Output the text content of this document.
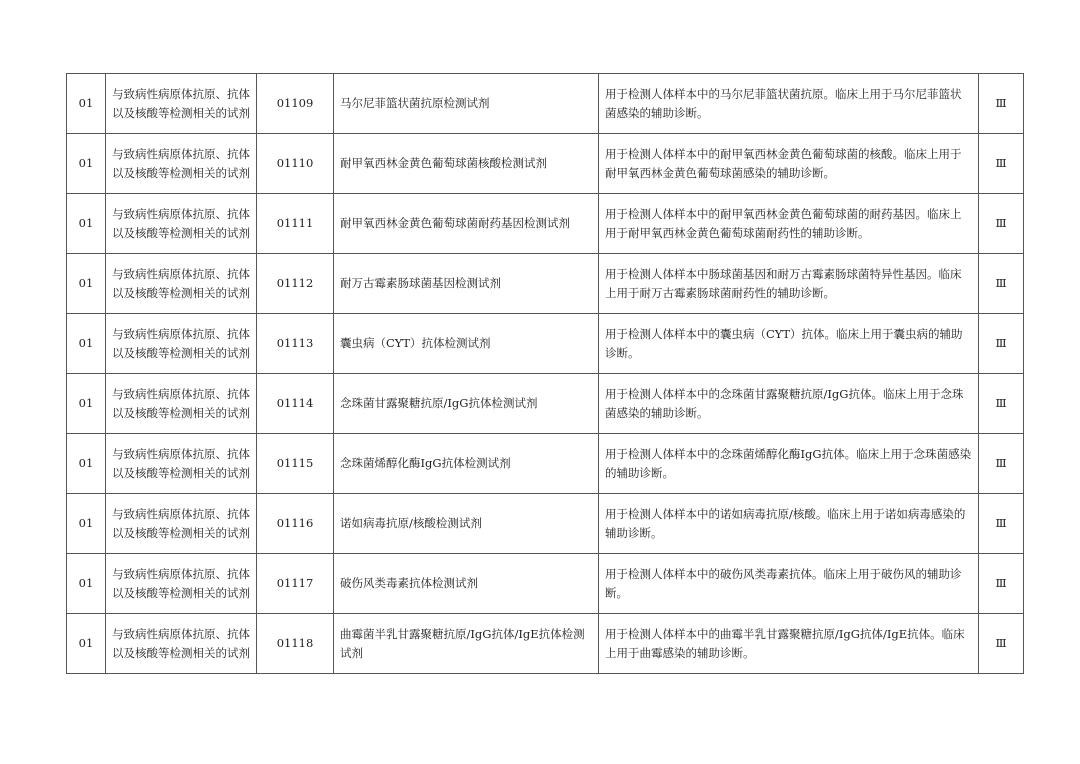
01	与致病性病原体抗原、抗体以及核酸等检测相关的试剂	01109	马尔尼菲篮状菌抗原检测试剂	用于检测人体样本中的马尔尼菲篮状菌抗原。临床上用于马尔尼菲篮状菌感染的辅助诊断。	Ⅲ
01	与致病性病原体抗原、抗体以及核酸等检测相关的试剂	01110	耐甲氧西林金黄色葡萄球菌核酸检测试剂	用于检测人体样本中的耐甲氧西林金黄色葡萄球菌的核酸。临床上用于耐甲氧西林金黄色葡萄球菌感染的辅助诊断。	Ⅲ
01	与致病性病原体抗原、抗体以及核酸等检测相关的试剂	01111	耐甲氧西林金黄色葡萄球菌耐药基因检测试剂	用于检测人体样本中的耐甲氧西林金黄色葡萄球菌的耐药基因。临床上用于耐甲氧西林金黄色葡萄球菌耐药性的辅助诊断。	Ⅲ
01	与致病性病原体抗原、抗体以及核酸等检测相关的试剂	01112	耐万古霉素肠球菌基因检测试剂	用于检测人体样本中肠球菌基因和耐万古霉素肠球菌特异性基因。临床上用于耐万古霉素肠球菌耐药性的辅助诊断。	Ⅲ
01	与致病性病原体抗原、抗体以及核酸等检测相关的试剂	01113	囊虫病（CYT）抗体检测试剂	用于检测人体样本中的囊虫病（CYT）抗体。临床上用于囊虫病的辅助诊断。	Ⅲ
01	与致病性病原体抗原、抗体以及核酸等检测相关的试剂	01114	念珠菌甘露聚糖抗原/IgG抗体检测试剂	用于检测人体样本中的念珠菌甘露聚糖抗原/IgG抗体。临床上用于念珠菌感染的辅助诊断。	Ⅲ
01	与致病性病原体抗原、抗体以及核酸等检测相关的试剂	01115	念珠菌烯醇化酶IgG抗体检测试剂	用于检测人体样本中的念珠菌烯醇化酶IgG抗体。临床上用于念珠菌感染的辅助诊断。	Ⅲ
01	与致病性病原体抗原、抗体以及核酸等检测相关的试剂	01116	诺如病毒抗原/核酸检测试剂	用于检测人体样本中的诺如病毒抗原/核酸。临床上用于诺如病毒感染的辅助诊断。	Ⅲ
01	与致病性病原体抗原、抗体以及核酸等检测相关的试剂	01117	破伤风类毒素抗体检测试剂	用于检测人体样本中的破伤风类毒素抗体。临床上用于破伤风的辅助诊断。	Ⅲ
01	与致病性病原体抗原、抗体以及核酸等检测相关的试剂	01118	曲霉菌半乳甘露聚糖抗原/IgG抗体/IgE抗体检测试剂	用于检测人体样本中的曲霉半乳甘露聚糖抗原/IgG抗体/IgE抗体。临床上用于曲霉感染的辅助诊断。	Ⅲ
